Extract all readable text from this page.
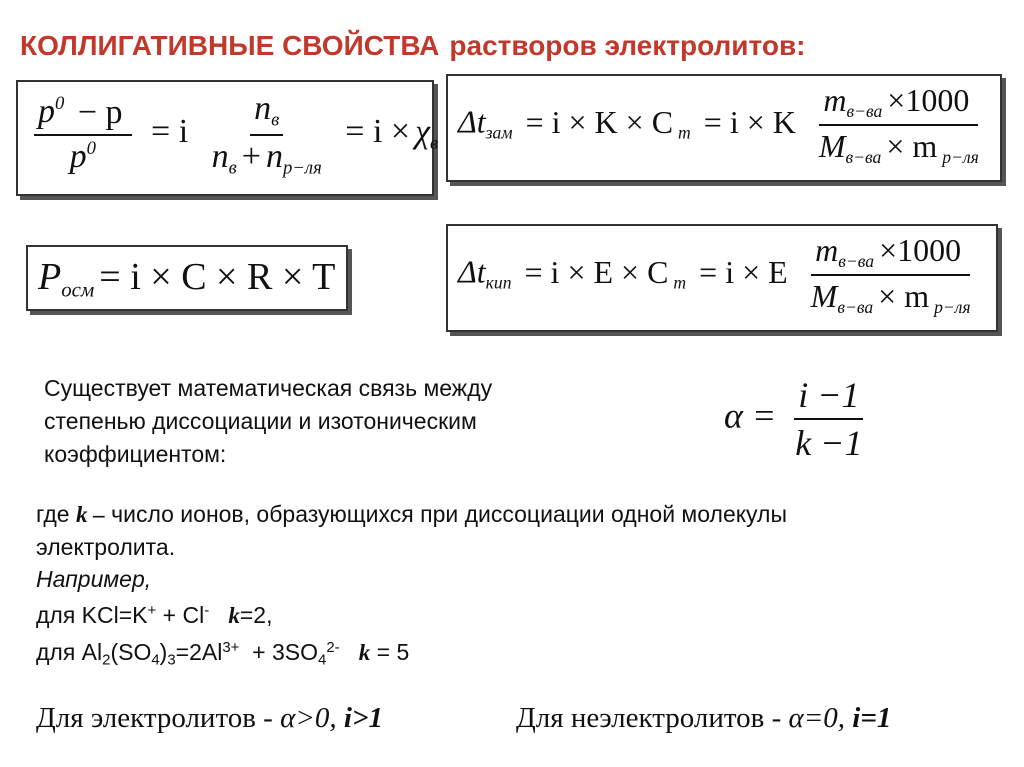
КОЛЛИГАТИВНЫЕ СВОЙСТВА растворов электролитов:
$\frac{p^0 - p}{p^0} = i \frac{n_в}{n_в + n_{р-ля}} = i \times \chi_в$
$\Delta t_{зам} = i \times K \times C$ $_m$ = i × K $\frac{m_{в-ва} \times 1000}{M_{в-ва} \times m _{р-ля}}$
$P_{осм} = i \times C \times R \times T$	$\Delta t_{кип} = i \times E \times C$ $_m$ = i × E $\frac{m_{в-ва} \times 1000}{M_{в-ва} \times m _{р-ля}}$
Существует математическая связь между
степенью диссоциации и изотоническим
коэффициентом:
$\alpha = \frac{i -1}{k -1}$
где k – число ионов, образующихся при диссоциации одной молекулы
электролита.
Например,
для KCl=K+ + Cl- k=2,
для $Al2(SO4)3=2Al^{3+} + 3SO4^{2-}$ k = 5
Для электролитов - α>0, i>1	Для неэлектролитов - α=0, i=1
